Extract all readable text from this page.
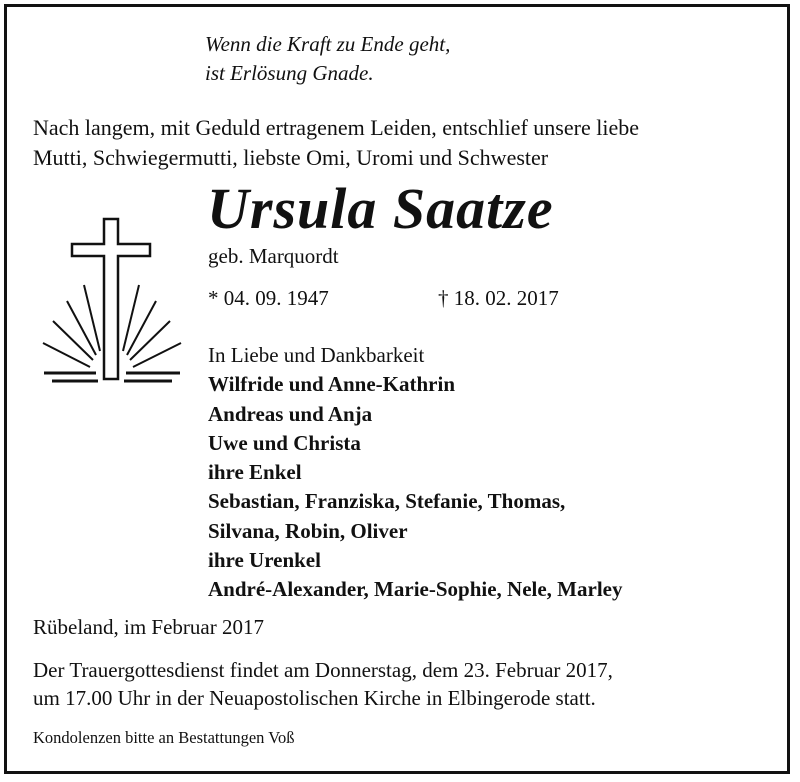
Wenn die Kraft zu Ende geht,
ist Erlösung Gnade.
Nach langem, mit Geduld ertragenem Leiden, entschlief unsere liebe
Mutti, Schwiegermutti, liebste Omi, Uromi und Schwester
Ursula Saatze
geb. Marquordt
* 04. 09. 1947	† 18. 02. 2017
In Liebe und Dankbarkeit
Wilfride und Anne-Kathrin
Andreas und Anja
Uwe und Christa
ihre Enkel
Sebastian, Franziska, Stefanie, Thomas,
Silvana, Robin, Oliver
ihre Urenkel
André-Alexander, Marie-Sophie, Nele, Marley
Rübeland, im Februar 2017
Der Trauergottesdienst findet am Donnerstag, dem 23. Februar 2017,
um 17.00 Uhr in der Neuapostolischen Kirche in Elbingerode statt.
Kondolenzen bitte an Bestattungen Voß
